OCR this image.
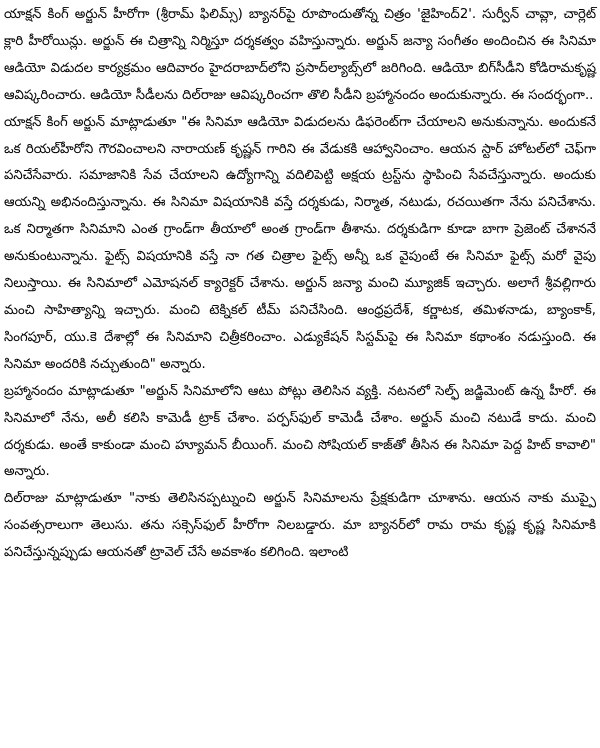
యాక్షన్ కింగ్ అర్జున్ హీరోగా (శ్రీరామ్ ఫిలిమ్స్) బ్యానర్‌పై రూపొందుతోన్న చిత్రం 'జైహింద్2'. సుర్వీన్ చావ్లా, చార్లెట్ క్లారి హీరోయిన్లు. అర్జున్ ఈ చిత్రాన్ని నిర్మిస్తూ దర్శకత్వం వహిస్తున్నారు. అర్జున్ జన్యా సంగీతం అందించిన ఈ సినిమా ఆడియో విడుదల కార్యక్రమం ఆదివారం హైదరాబాద్‌లోని ప్రసాద్‌ల్యాబ్స్‌లో జరిగింది. ఆడియో బిగ్‌సీడీని కోడిరామకృష్ణ ఆవిష్కరించారు. ఆడియో సీడీలను దిల్‌రాజు ఆవిష్కరించగా తొలి సీడీని బ్రహ్మానందం అందుకున్నారు. ఈ సందర్భంగా..

యాక్షన్ కింగ్ అర్జున్ మాట్లాడుతూ "ఈ సినిమా ఆడియో విడుదలను డిఫరెంట్‌గా చేయాలని అనుకున్నాను. అందుకనే ఒక రియల్‌హీరోని గౌరవించాలని నారాయణ్ కృష్ణన్ గారిని ఈ వేడుకకి ఆహ్వానించాం. ఆయన స్టార్ హోటల్‌లో చెఫ్‌గా పనిచేసేవారు. సమాజానికి సేవ చేయాలని ఉద్యోగాన్ని వదిలిపెట్టి అక్షయ ట్రస్ట్‌ను స్థాపించి సేవచేస్తున్నారు. అందుకు ఆయన్ని అభినందిస్తున్నాను. ఈ సినిమా విషయానికి వస్తే దర్శకుడు, నిర్మాత, నటుడు, రచయితగా నేను పనిచేశాను. ఒక నిర్మాతగా సినిమాని ఎంత గ్రాండ్‌గా తీయాలో అంత గ్రాండ్‌గా తీశాను. దర్శకుడిగా కూడా బాగా ప్రెజెంట్ చేశాననే అనుకుంటున్నాను. ఫైట్స్ విషయానికి వస్తే నా గత చిత్రాల ఫైట్స్ అన్నీ ఒక వైపుంటే ఈ సినిమా ఫైట్స్ మరో వైపు నిలుస్తాయి. ఈ సినిమాలో ఎమోషనల్ క్యారెక్టర్ చేశాను. అర్జున్ జన్యా మంచి మ్యూజిక్ ఇచ్చారు. అలాగే శ్రీవల్లిగారు మంచి సాహిత్యాన్ని ఇచ్చారు. మంచి టెక్నికల్ టీమ్ పనిచేసింది. ఆంధ్రప్రదేశ్, కర్ణాటక, తమిళనాడు, బ్యాంకాక్, సింగపూర్, యు.కె దేశాల్లో ఈ సినిమాని చిత్రీకరించాం. ఎడ్యుకేషన్ సిస్టమ్‌పై ఈ సినిమా కథాంశం నడుస్తుంది. ఈ సినిమా అందరికి నచ్చుతుంది" అన్నారు.

బ్రహ్మానందం మాట్లాడుతూ "అర్జున్ సినిమాలోని ఆటు పోట్లు తెలిసిన వ్యక్తి. నటనలో సెల్ఫ్ జడ్జిమెంట్ ఉన్న హీరో. ఈ సినిమాలో నేను, అలీ కలిసి కామెడీ ట్రాక్ చేశాం. పర్పస్‌ఫుల్ కామెడీ చేశాం. అర్జున్ మంచి నటుడే కాదు. మంచి దర్శకుడు. అంతే కాకుండా మంచి హ్యూమన్ బీయింగ్. మంచి సోషియల్ కాజ్‌తో తీసిన ఈ సినిమా పెద్ద హిట్ కావాలి" అన్నారు.

దిల్‌రాజు మాట్లాడుతూ "నాకు తెలిసినప్పట్నుంచి అర్జున్ సినిమాలను ప్రేక్షకుడిగా చూశాను. ఆయన నాకు ముప్పై సంవత్సరాలుగా తెలుసు. తను సక్సెస్‌ఫుల్ హీరోగా నిలబడ్డారు. మా బ్యానర్‌లో రామ రామ కృష్ణ కృష్ణ సినిమాకి పనిచేస్తున్నప్పుడు ఆయనతో ట్రావెల్ చేసే అవకాశం కలిగింది. ఇలాంటి
